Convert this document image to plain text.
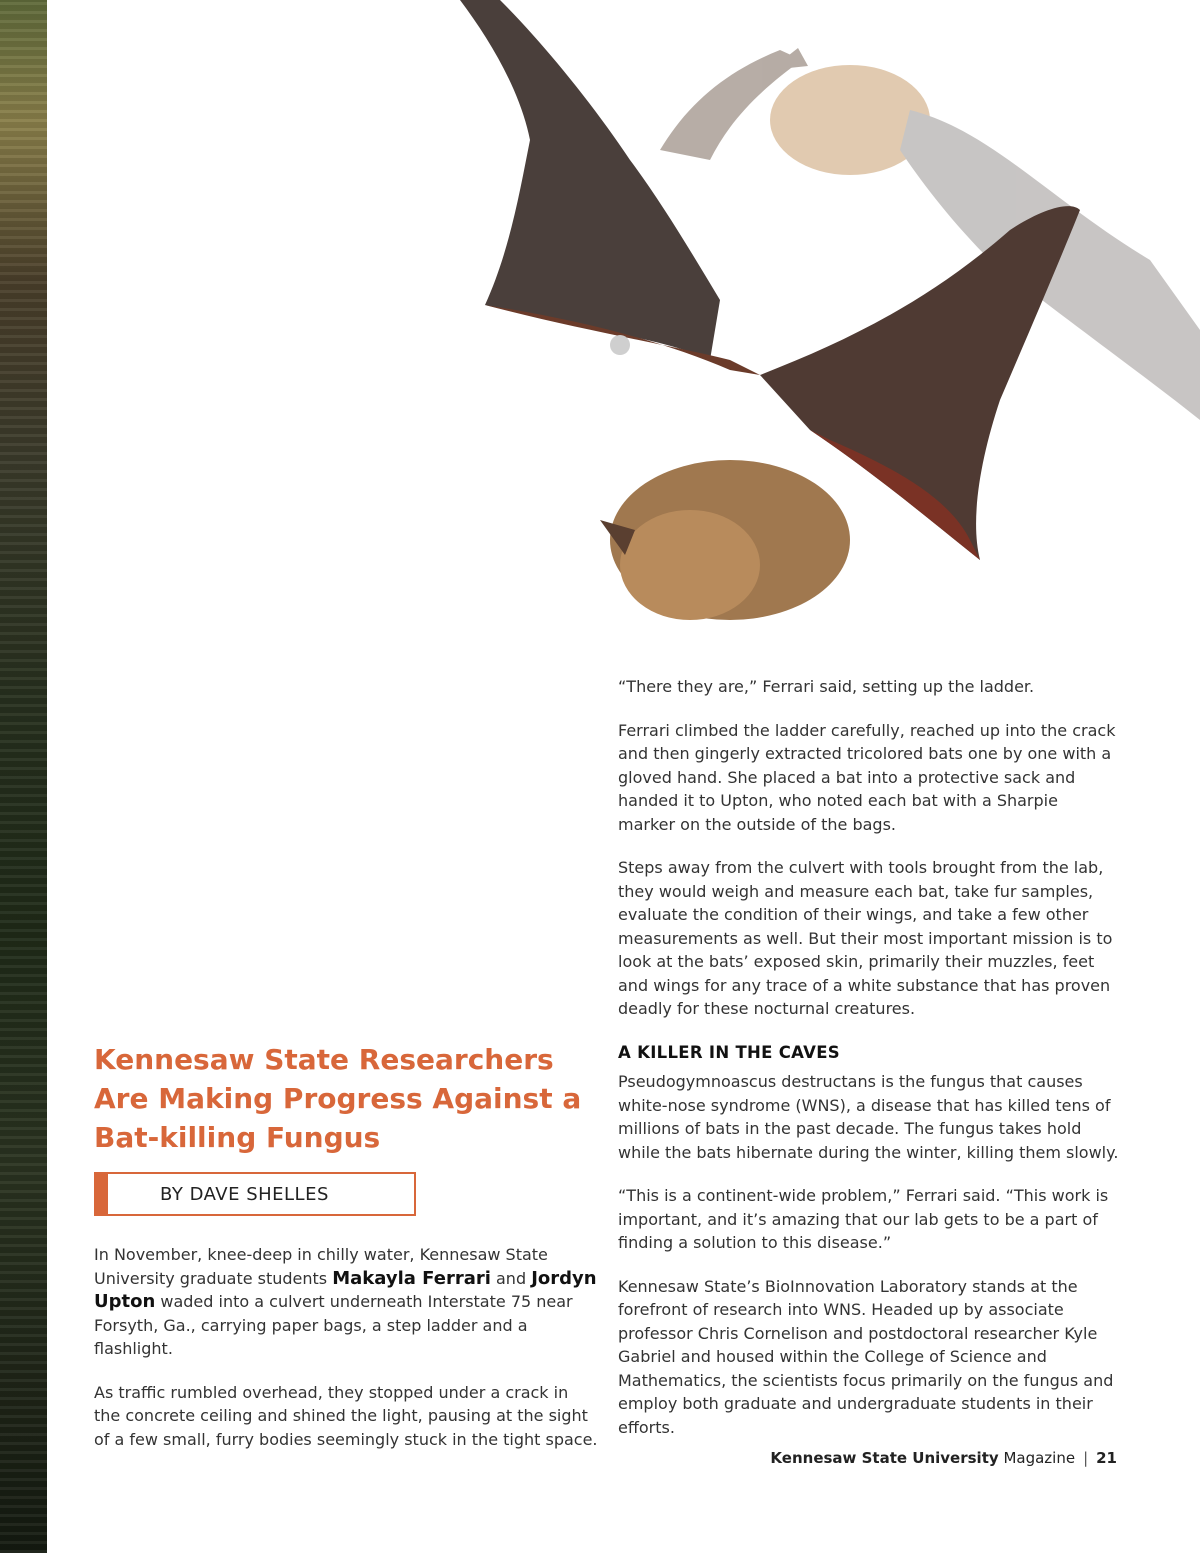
BRINGING
BATS
BACK
FROM THE
BRINK
Kennesaw State Researchers Are Making Progress Against a Bat-killing Fungus
BY DAVE SHELLES

In November, knee-deep in chilly water, Kennesaw State University graduate students Makayla Ferrari and Jordyn Upton waded into a culvert underneath Interstate 75 near Forsyth, Ga., carrying paper bags, a step ladder and a flashlight.

As traffic rumbled overhead, they stopped under a crack in the concrete ceiling and shined the light, pausing at the sight of a few small, furry bodies seemingly stuck in the tight space.

“There they are,” Ferrari said, setting up the ladder.

Ferrari climbed the ladder carefully, reached up into the crack and then gingerly extracted tricolored bats one by one with a gloved hand. She placed a bat into a protective sack and handed it to Upton, who noted each bat with a Sharpie marker on the outside of the bags.

Steps away from the culvert with tools brought from the lab, they would weigh and measure each bat, take fur samples, evaluate the condition of their wings, and take a few other measurements as well. But their most important mission is to look at the bats’ exposed skin, primarily their muzzles, feet and wings for any trace of a white substance that has proven deadly for these nocturnal creatures.

A KILLER IN THE CAVES

Pseudogymnoascus destructans is the fungus that causes white-nose syndrome (WNS), a disease that has killed tens of millions of bats in the past decade. The fungus takes hold while the bats hibernate during the winter, killing them slowly.

“This is a continent-wide problem,” Ferrari said. “This work is important, and it’s amazing that our lab gets to be a part of finding a solution to this disease.”

Kennesaw State’s BioInnovation Laboratory stands at the forefront of research into WNS. Headed up by associate professor Chris Cornelison and postdoctoral researcher Kyle Gabriel and housed within the College of Science and Mathematics, the scientists focus primarily on the fungus and employ both graduate and undergraduate students in their efforts.

Kennesaw State University Magazine | 21
